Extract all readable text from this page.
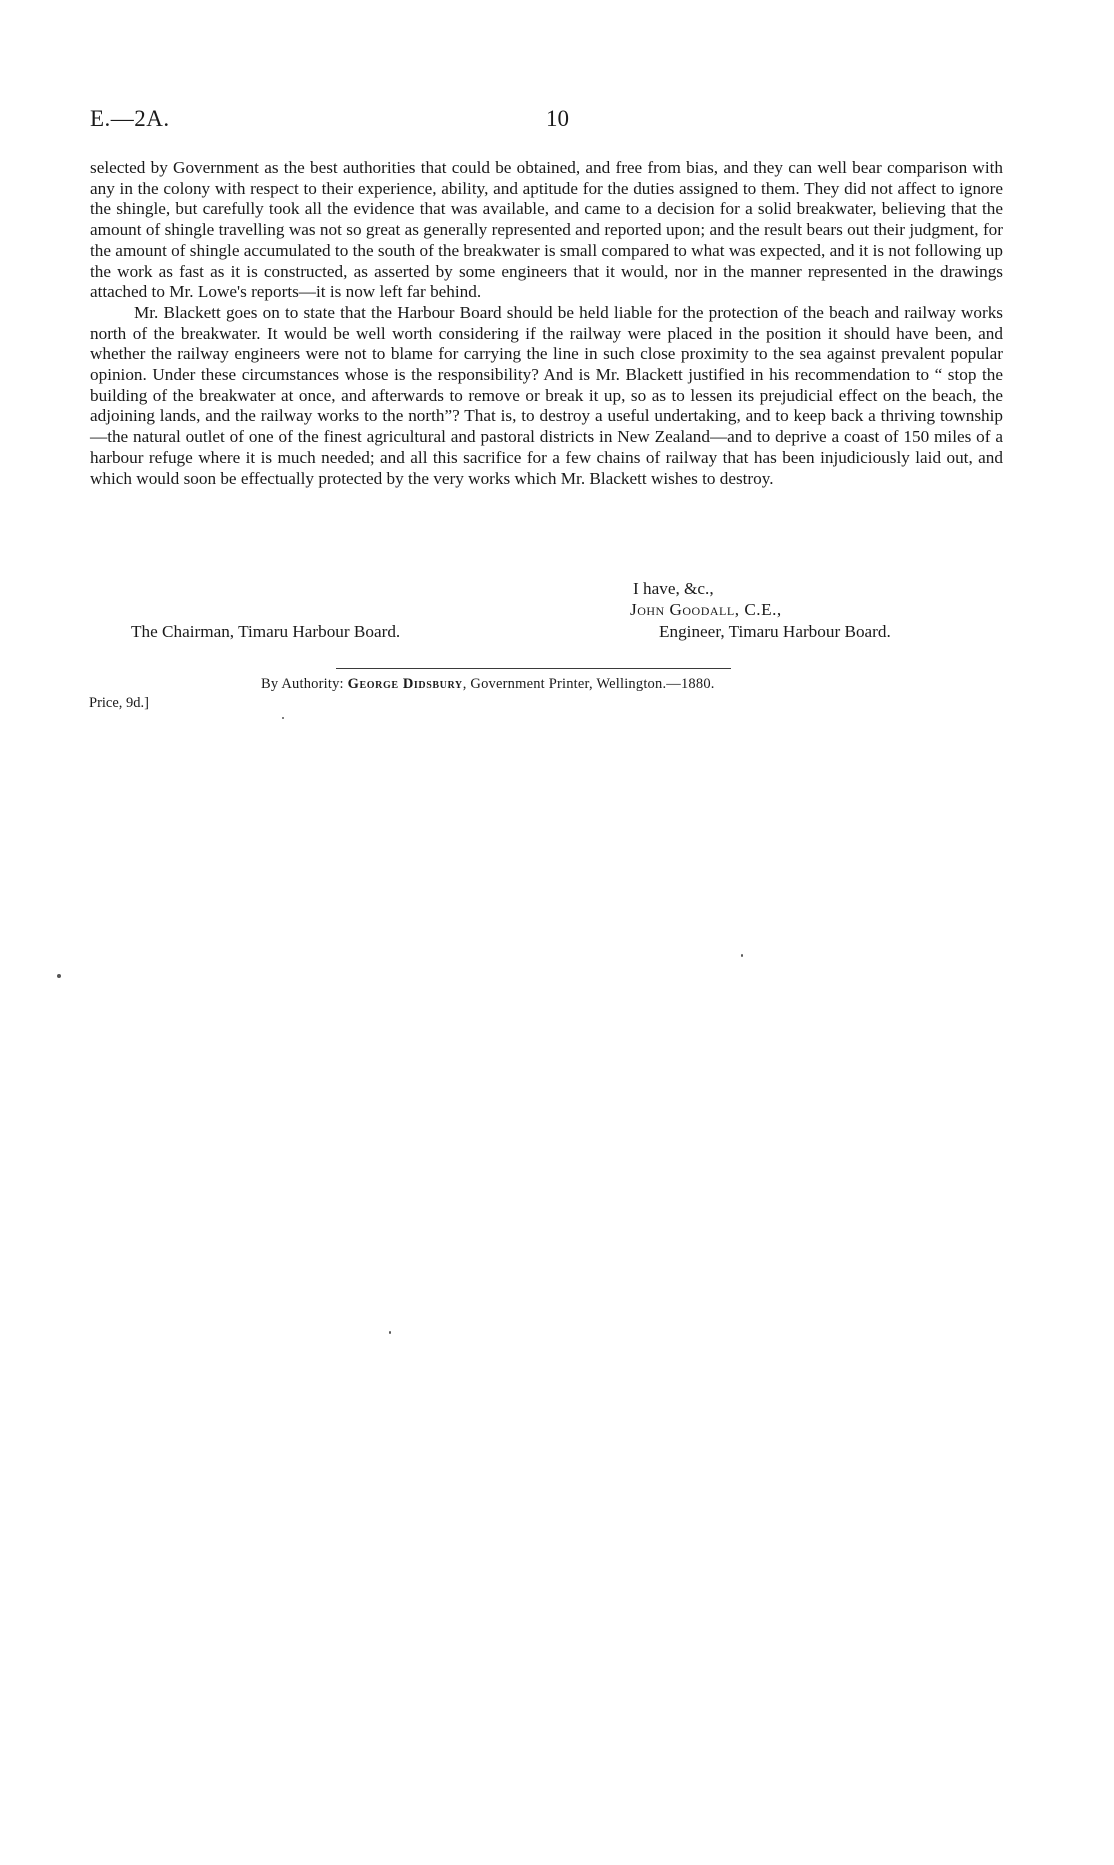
E.—2A.	10

selected by Government as the best authorities that could be obtained, and free from bias, and they can well bear comparison with any in the colony with respect to their experience, ability, and aptitude for the duties assigned to them. They did not affect to ignore the shingle, but carefully took all the evidence that was available, and came to a decision for a solid breakwater, believing that the amount of shingle travelling was not so great as generally represented and reported upon; and the result bears out their judgment, for the amount of shingle accumulated to the south of the breakwater is small compared to what was expected, and it is not following up the work as fast as it is constructed, as asserted by some engineers that it would, nor in the manner represented in the drawings attached to Mr. Lowe's reports—it is now left far behind.

Mr. Blackett goes on to state that the Harbour Board should be held liable for the protection of the beach and railway works north of the breakwater. It would be well worth considering if the railway were placed in the position it should have been, and whether the railway engineers were not to blame for carrying the line in such close proximity to the sea against prevalent popular opinion. Under these circumstances whose is the responsibility? And is Mr. Blackett justified in his recommendation to “ stop the building of the breakwater at once, and afterwards to remove or break it up, so as to lessen its prejudicial effect on the beach, the adjoining lands, and the railway works to the north”? That is, to destroy a useful undertaking, and to keep back a thriving township—the natural outlet of one of the finest agricultural and pastoral districts in New Zealand—and to deprive a coast of 150 miles of a harbour refuge where it is much needed; and all this sacrifice for a few chains of railway that has been injudiciously laid out, and which would soon be effectually protected by the very works which Mr. Blackett wishes to destroy.

I have, &c.,
John Goodall, C.E.,
The Chairman, Timaru Harbour Board.	Engineer, Timaru Harbour Board.
By Authority: George Didsbury, Government Printer, Wellington.—1880.
Price, 9d.]
